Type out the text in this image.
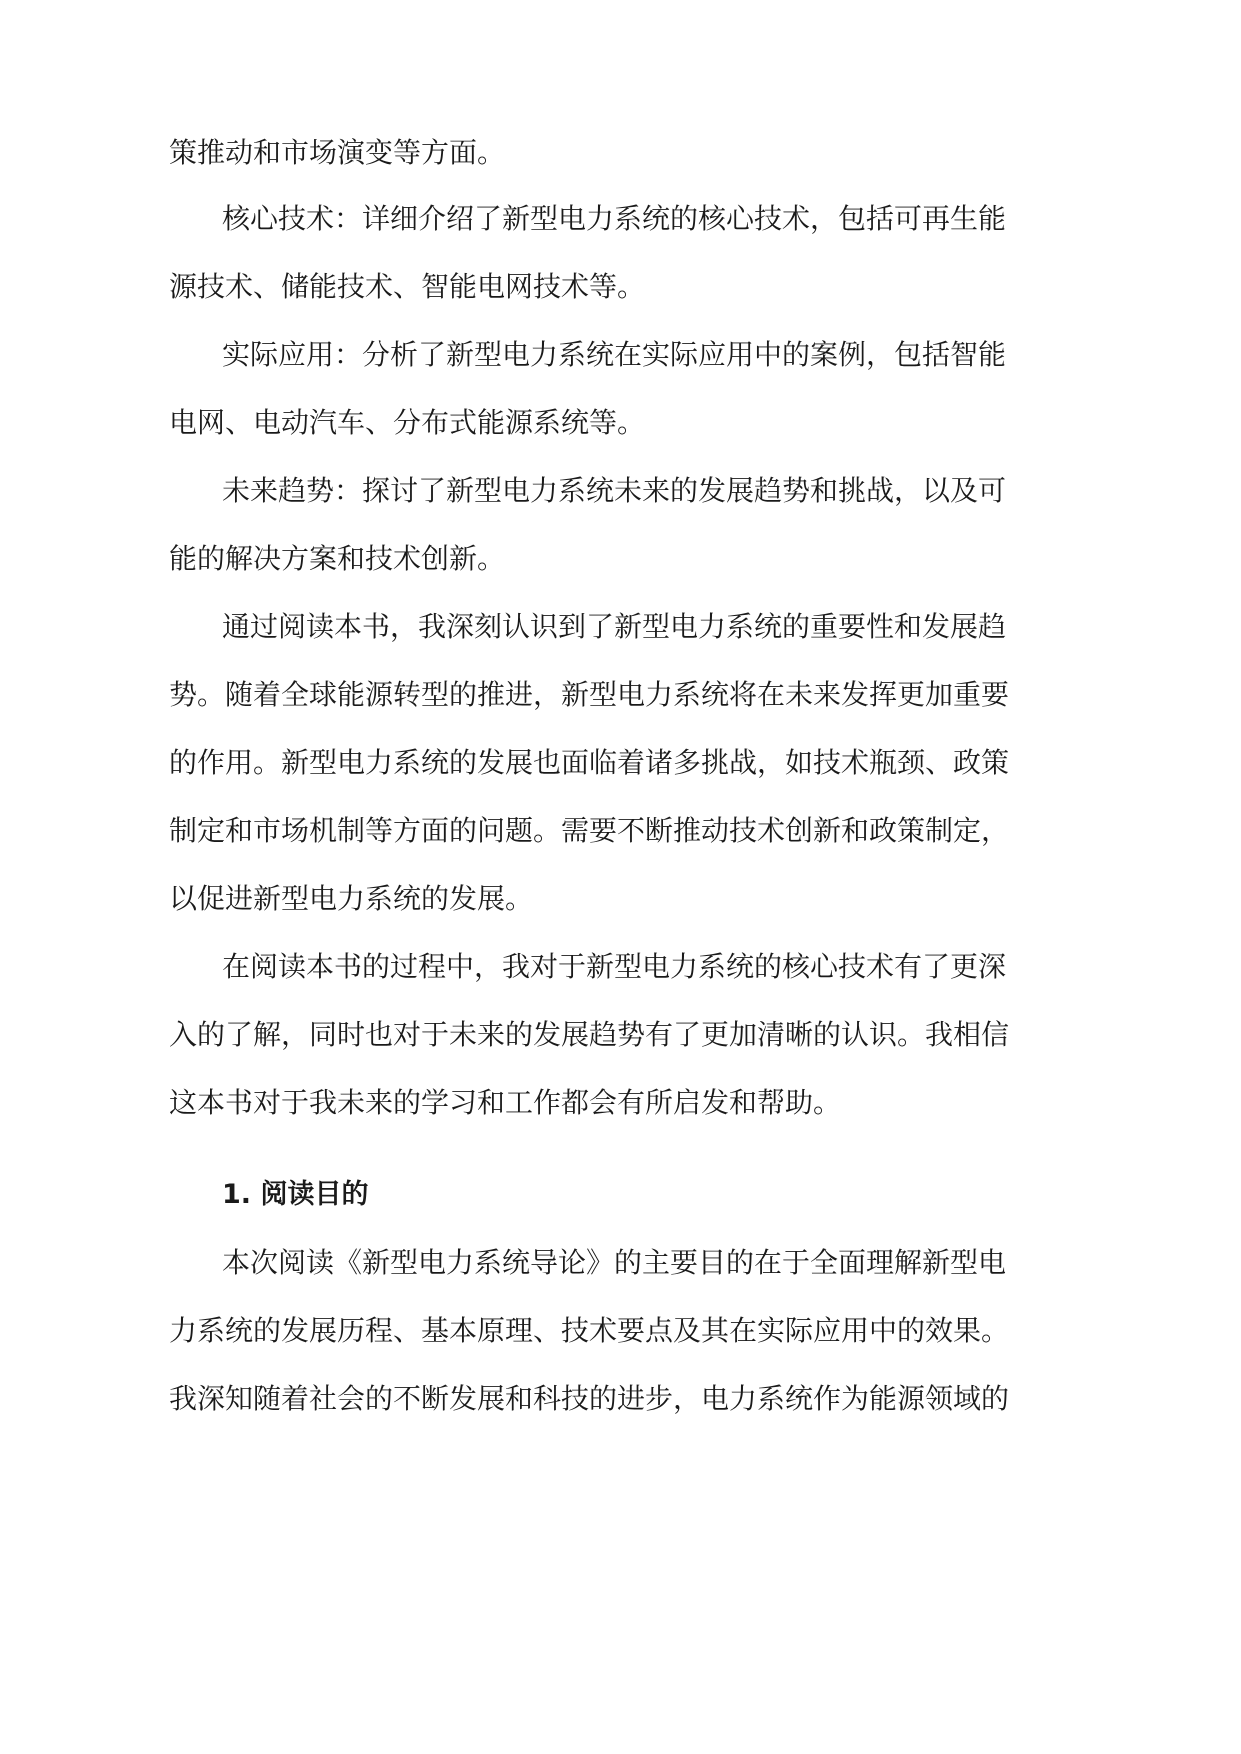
策推动和市场演变等方面。
核心技术：详细介绍了新型电力系统的核心技术，包括可再生能
源技术、储能技术、智能电网技术等。
实际应用：分析了新型电力系统在实际应用中的案例，包括智能
电网、电动汽车、分布式能源系统等。
未来趋势：探讨了新型电力系统未来的发展趋势和挑战，以及可
能的解决方案和技术创新。
通过阅读本书，我深刻认识到了新型电力系统的重要性和发展趋
势。随着全球能源转型的推进，新型电力系统将在未来发挥更加重要
的作用。新型电力系统的发展也面临着诸多挑战，如技术瓶颈、政策
制定和市场机制等方面的问题。需要不断推动技术创新和政策制定，
以促进新型电力系统的发展。
在阅读本书的过程中，我对于新型电力系统的核心技术有了更深
入的了解，同时也对于未来的发展趋势有了更加清晰的认识。我相信
这本书对于我未来的学习和工作都会有所启发和帮助。
1. 阅读目的
本次阅读《新型电力系统导论》的主要目的在于全面理解新型电
力系统的发展历程、基本原理、技术要点及其在实际应用中的效果。
我深知随着社会的不断发展和科技的进步，电力系统作为能源领域的
